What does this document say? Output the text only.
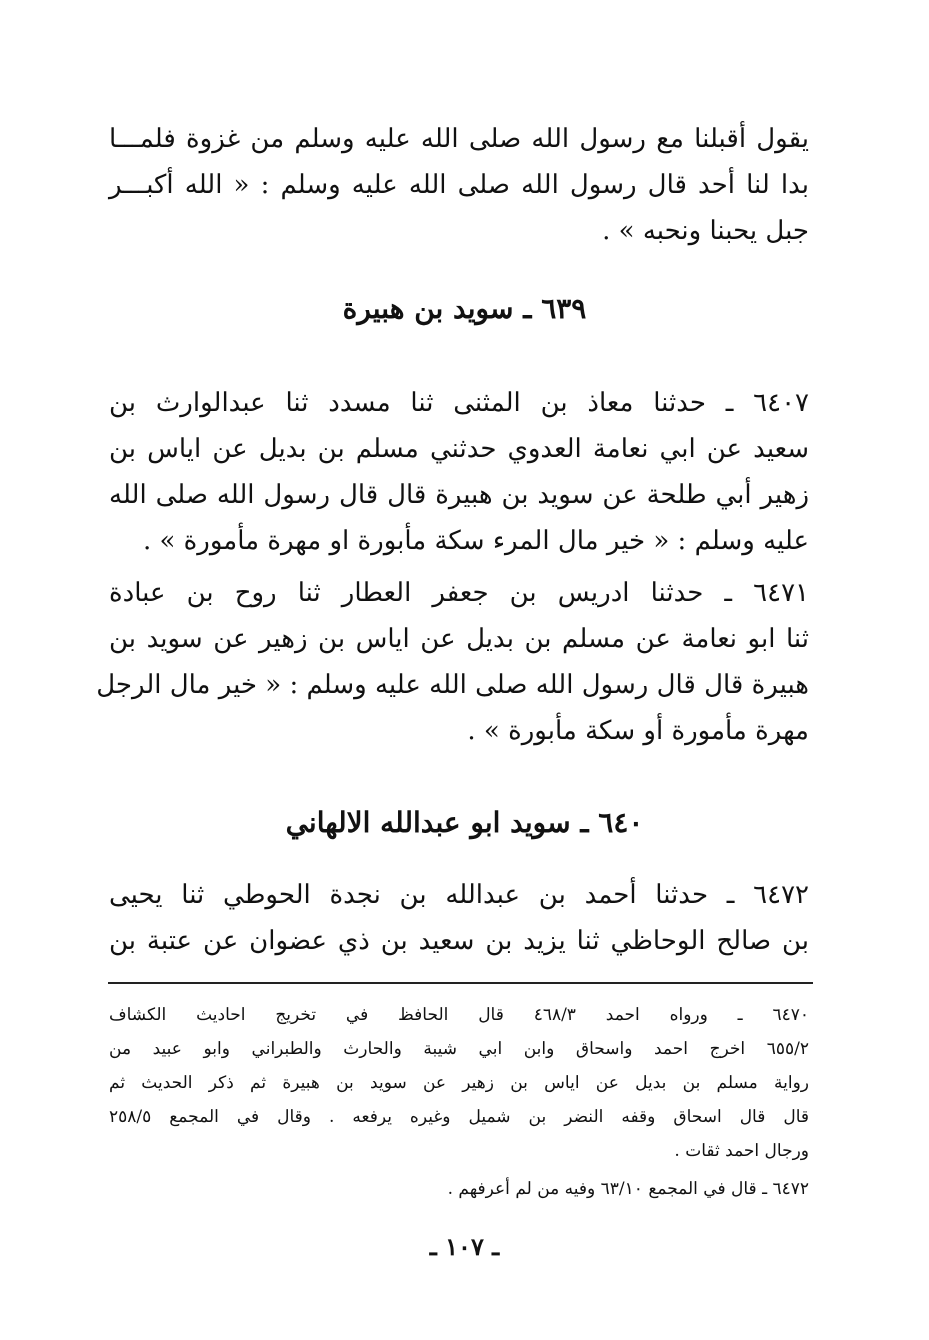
يقول أقبلنا مع رسول الله صلى الله عليه وسلم من غزوة فلمـــا
بدا لنا أحد قال رسول الله صلى الله عليه وسلم : « الله أكبـــر
جبل يحبنا ونحبه » .
٦٣٩ ـ سويد بن هبيرة
٦٤٠٧ ـ حدثنا معاذ بن المثنى ثنا مسدد ثنا عبدالوارث بن
سعيد عن ابي نعامة العدوي حدثني مسلم بن بديل عن اياس بن
زهير أبي طلحة عن سويد بن هبيرة قال قال رسول الله صلى الله
عليه وسلم : « خير مال المرء سكة مأبورة او مهرة مأمورة » .
٦٤٧١ ـ حدثنا ادريس بن جعفر العطار ثنا روح بن عبادة
ثنا ابو نعامة عن مسلم بن بديل عن اياس بن زهير عن سويد بن
هبيرة قال قال رسول الله صلى الله عليه وسلم : « خير مال الرجل
مهرة مأمورة أو سكة مأبورة » .
٦٤٠ ـ سويد ابو عبدالله الالهاني
٦٤٧٢ ـ حدثنا أحمد بن عبدالله بن نجدة الحوطي ثنا يحيى
بن صالح الوحاظي ثنا يزيد بن سعيد بن ذي عضوان عن عتبة بن
٦٤٧٠ ـ ورواه احمد ٤٦٨/٣ قال الحافظ في تخريج احاديث الكشاف
٦٥٥/٢ اخرج احمد واسحاق وابن ابي شيبة والحارث والطبراني وابو عبيد من
رواية مسلم بن بديل عن اياس بن زهير عن سويد بن هبيرة ثم ذكر الحديث ثم
قال قال اسحاق وقفه النضر بن شميل وغيره يرفعه . وقال في المجمع ٢٥٨/٥
ورجال احمد ثقات .
٦٤٧٢ ـ قال في المجمع ٦٣/١٠ وفيه من لم أعرفهم .
ـ ١٠٧ ـ
